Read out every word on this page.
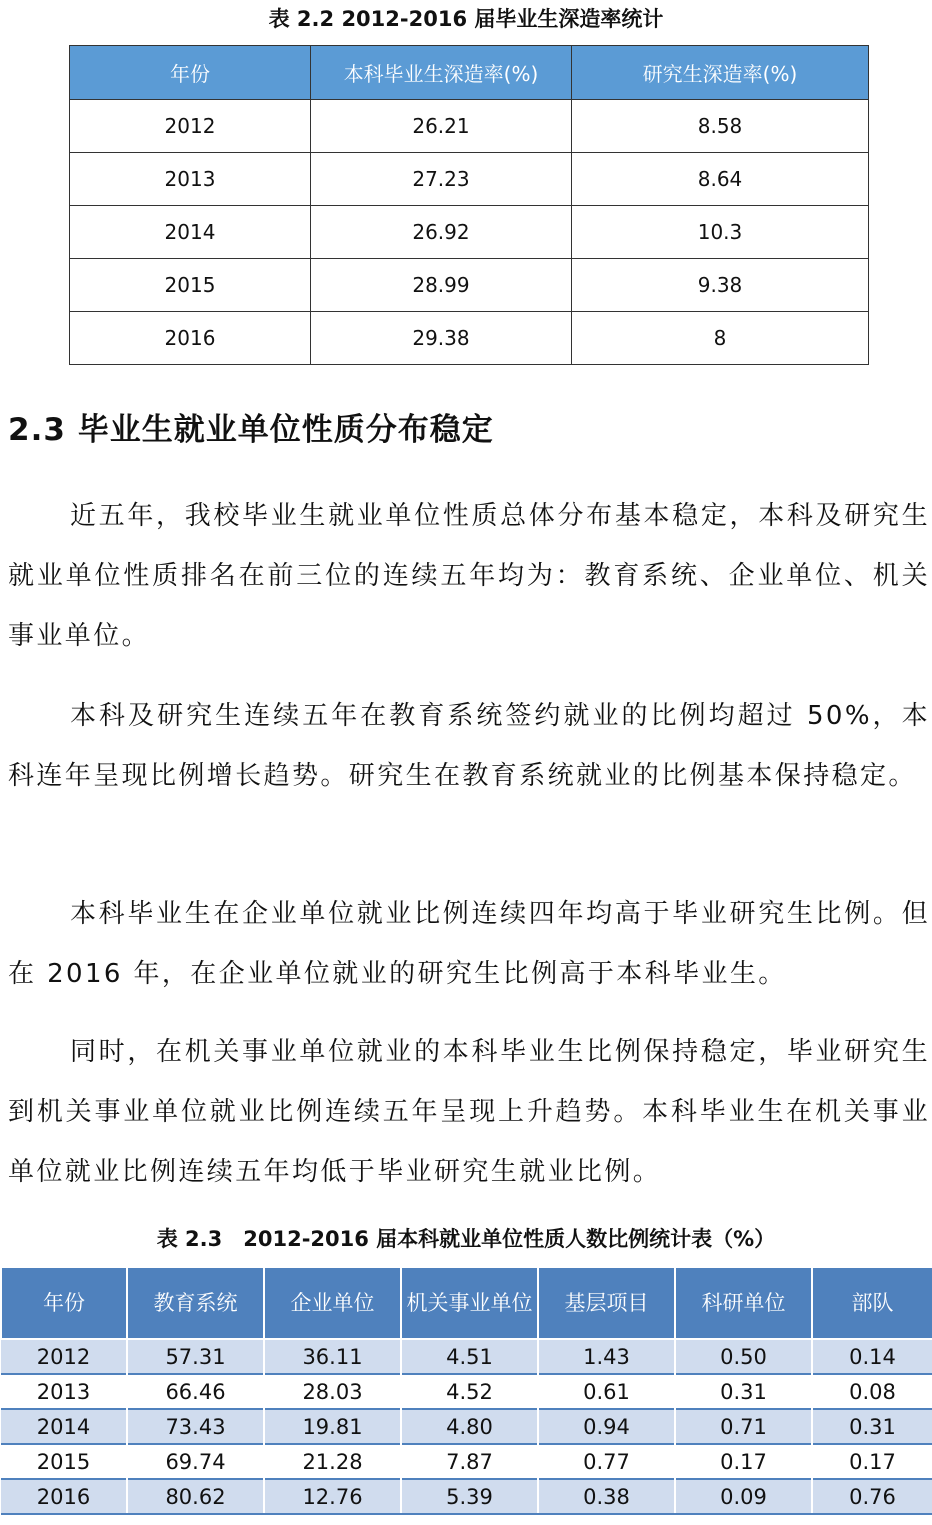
表 2.2 2012-2016 届毕业生深造率统计

年份	本科毕业生深造率(%)	研究生深造率(%)
2012	26.21	8.58
2013	27.23	8.64
2014	26.92	10.3
2015	28.99	9.38
2016	29.38	8
2.3 毕业生就业单位性质分布稳定

近五年，我校毕业生就业单位性质总体分布基本稳定，本科及研究生就业单位性质排名在前三位的连续五年均为：教育系统、企业单位、机关事业单位。

本科及研究生连续五年在教育系统签约就业的比例均超过 50%，本科连年呈现比例增长趋势。研究生在教育系统就业的比例基本保持稳定。

本科毕业生在企业单位就业比例连续四年均高于毕业研究生比例。但在 2016 年，在企业单位就业的研究生比例高于本科毕业生。

同时，在机关事业单位就业的本科毕业生比例保持稳定，毕业研究生到机关事业单位就业比例连续五年呈现上升趋势。本科毕业生在机关事业单位就业比例连续五年均低于毕业研究生就业比例。

表 2.3　2012-2016 届本科就业单位性质人数比例统计表（%）

年份	教育系统	企业单位	机关事业单位	基层项目	科研单位	部队
2012	57.31	36.11	4.51	1.43	0.50	0.14
2013	66.46	28.03	4.52	0.61	0.31	0.08
2014	73.43	19.81	4.80	0.94	0.71	0.31
2015	69.74	21.28	7.87	0.77	0.17	0.17
2016	80.62	12.76	5.39	0.38	0.09	0.76
